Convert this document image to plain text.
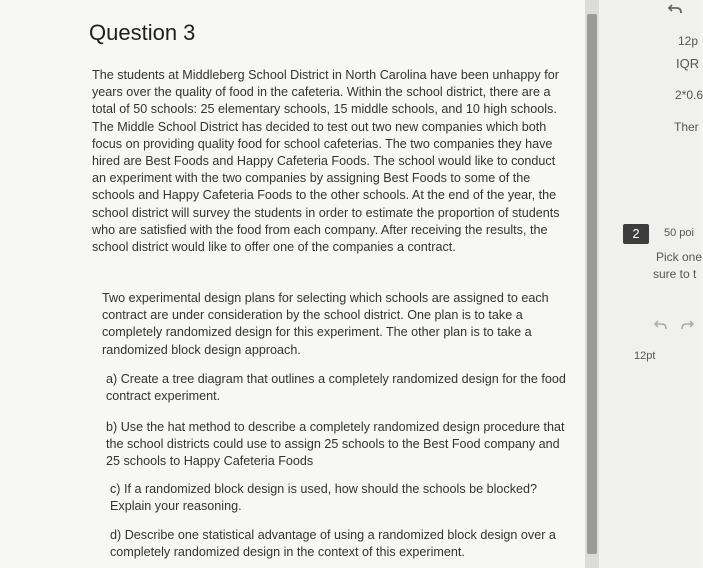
Question 3
The students at Middleberg School District in North Carolina have been unhappy for years over the quality of food in the cafeteria. Within the school district, there are a total of 50 schools: 25 elementary schools, 15 middle schools, and 10 high schools. The Middle School District has decided to test out two new companies which both focus on providing quality food for school cafeterias. The two companies they have hired are Best Foods and Happy Cafeteria Foods. The school would like to conduct an experiment with the two companies by assigning Best Foods to some of the schools and Happy Cafeteria Foods to the other schools. At the end of the year, the school district will survey the students in order to estimate the proportion of students who are satisfied with the food from each company. After receiving the results, the school district would like to offer one of the companies a contract.
Two experimental design plans for selecting which schools are assigned to each contract are under consideration by the school district. One plan is to take a completely randomized design for this experiment. The other plan is to take a randomized block design approach.
a) Create a tree diagram that outlines a completely randomized design for the food contract experiment.
b) Use the hat method to describe a completely randomized design procedure that the school districts could use to assign 25 schools to the Best Food company and 25 schools to Happy Cafeteria Foods
c) If a randomized block design is used, how should the schools be blocked? Explain your reasoning.
d) Describe one statistical advantage of using a randomized block design over a completely randomized design in the context of this experiment.
12p
IQR
2*0.6
Ther
2	50 poi
Pick one
sure to t
12pt
